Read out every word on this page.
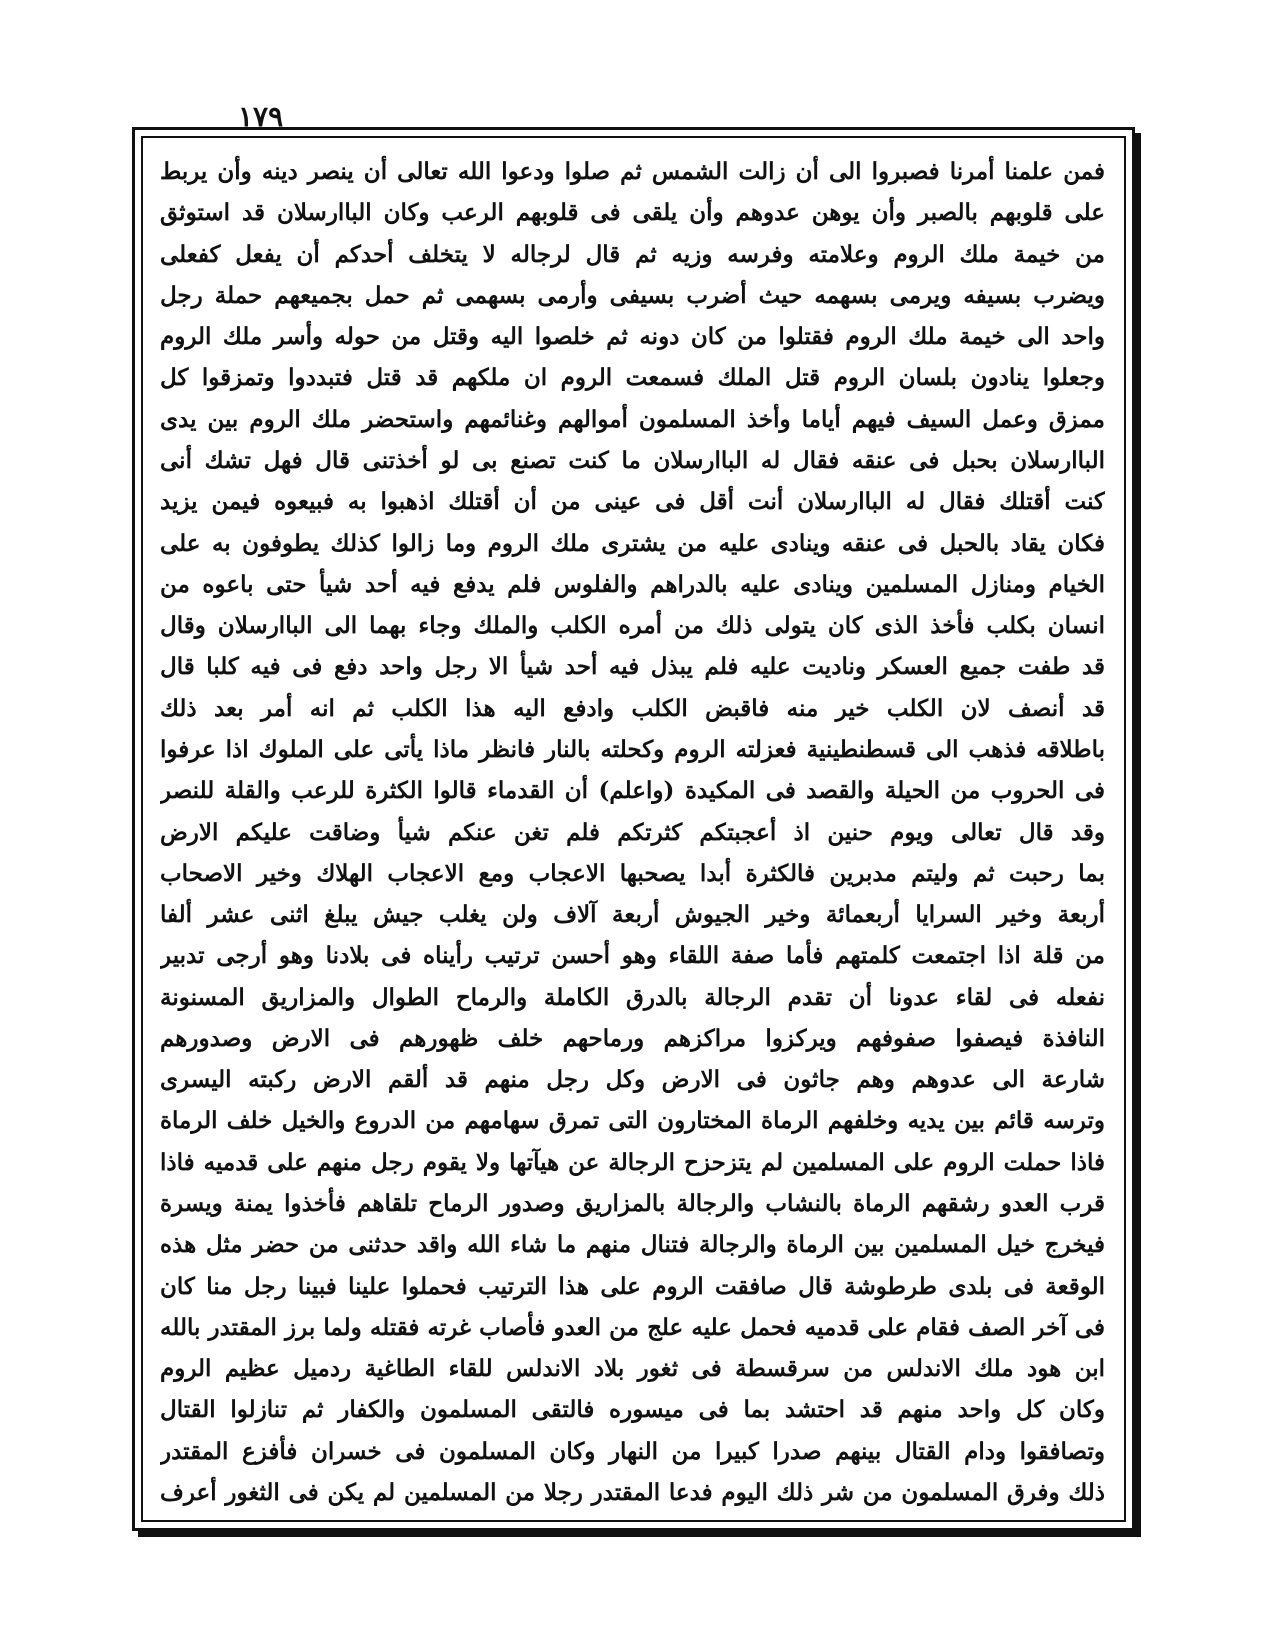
١٧٩
فمن علمنا أمرنا فصبروا الى أن زالت الشمس ثم صلوا ودعوا الله تعالى أن ينصر دينه وأن يربط
على قلوبهم بالصبر وأن يوهن عدوهم وأن يلقى فى قلوبهم الرعب وكان الباارسلان قد استوثق
من خيمة ملك الروم وعلامته وفرسه وزيه ثم قال لرجاله لا يتخلف أحدكم أن يفعل كفعلى
ويضرب بسيفه ويرمى بسهمه حيث أضرب بسيفى وأرمى بسهمى ثم حمل بجميعهم حملة رجل
واحد الى خيمة ملك الروم فقتلوا من كان دونه ثم خلصوا اليه وقتل من حوله وأسر ملك الروم
وجعلوا ينادون بلسان الروم قتل الملك فسمعت الروم ان ملكهم قد قتل فتبددوا وتمزقوا كل
ممزق وعمل السيف فيهم أياما وأخذ المسلمون أموالهم وغنائمهم واستحضر ملك الروم بين يدى
الباارسلان بحبل فى عنقه فقال له الباارسلان ما كنت تصنع بى لو أخذتنى قال فهل تشك أنى
كنت أقتلك فقال له الباارسلان أنت أقل فى عينى من أن أقتلك اذهبوا به فبيعوه فيمن يزيد
فكان يقاد بالحبل فى عنقه وينادى عليه من يشترى ملك الروم وما زالوا كذلك يطوفون به على
الخيام ومنازل المسلمين وينادى عليه بالدراهم والفلوس فلم يدفع فيه أحد شيأ حتى باعوه من
انسان بكلب فأخذ الذى كان يتولى ذلك من أمره الكلب والملك وجاء بهما الى الباارسلان وقال
قد طفت جميع العسكر وناديت عليه فلم يبذل فيه أحد شيأ الا رجل واحد دفع فى فيه كلبا قال
قد أنصف لان الكلب خير منه فاقبض الكلب وادفع اليه هذا الكلب ثم انه أمر بعد ذلك
باطلاقه فذهب الى قسطنطينية فعزلته الروم وكحلته بالنار فانظر ماذا يأتى على الملوك اذا عرفوا
فى الحروب من الحيلة والقصد فى المكيدة (واعلم) أن القدماء قالوا الكثرة للرعب والقلة للنصر
وقد قال تعالى ويوم حنين اذ أعجبتكم كثرتكم فلم تغن عنكم شيأ وضاقت عليكم الارض
بما رحبت ثم وليتم مدبرين فالكثرة أبدا يصحبها الاعجاب ومع الاعجاب الهلاك وخير الاصحاب
أربعة وخير السرايا أربعمائة وخير الجيوش أربعة آلاف ولن يغلب جيش يبلغ اثنى عشر ألفا
من قلة اذا اجتمعت كلمتهم فأما صفة اللقاء وهو أحسن ترتيب رأيناه فى بلادنا وهو أرجى تدبير
نفعله فى لقاء عدونا أن تقدم الرجالة بالدرق الكاملة والرماح الطوال والمزاريق المسنونة
النافذة فيصفوا صفوفهم ويركزوا مراكزهم ورماحهم خلف ظهورهم فى الارض وصدورهم
شارعة الى عدوهم وهم جاثون فى الارض وكل رجل منهم قد ألقم الارض ركبته اليسرى
وترسه قائم بين يديه وخلفهم الرماة المختارون التى تمرق سهامهم من الدروع والخيل خلف الرماة
فاذا حملت الروم على المسلمين لم يتزحزح الرجالة عن هيآتها ولا يقوم رجل منهم على قدميه فاذا
قرب العدو رشقهم الرماة بالنشاب والرجالة بالمزاريق وصدور الرماح تلقاهم فأخذوا يمنة ويسرة
فيخرج خيل المسلمين بين الرماة والرجالة فتنال منهم ما شاء الله واقد حدثنى من حضر مثل هذه
الوقعة فى بلدى طرطوشة قال صافقت الروم على هذا الترتيب فحملوا علينا فبينا رجل منا كان
فى آخر الصف فقام على قدميه فحمل عليه علج من العدو فأصاب غرته فقتله ولما برز المقتدر بالله
ابن هود ملك الاندلس من سرقسطة فى ثغور بلاد الاندلس للقاء الطاغية ردميل عظيم الروم
وكان كل واحد منهم قد احتشد بما فى ميسوره فالتقى المسلمون والكفار ثم تنازلوا القتال
وتصافقوا ودام القتال بينهم صدرا كبيرا من النهار وكان المسلمون فى خسران فأفزع المقتدر
ذلك وفرق المسلمون من شر ذلك اليوم فدعا المقتدر رجلا من المسلمين لم يكن فى الثغور أعرف
